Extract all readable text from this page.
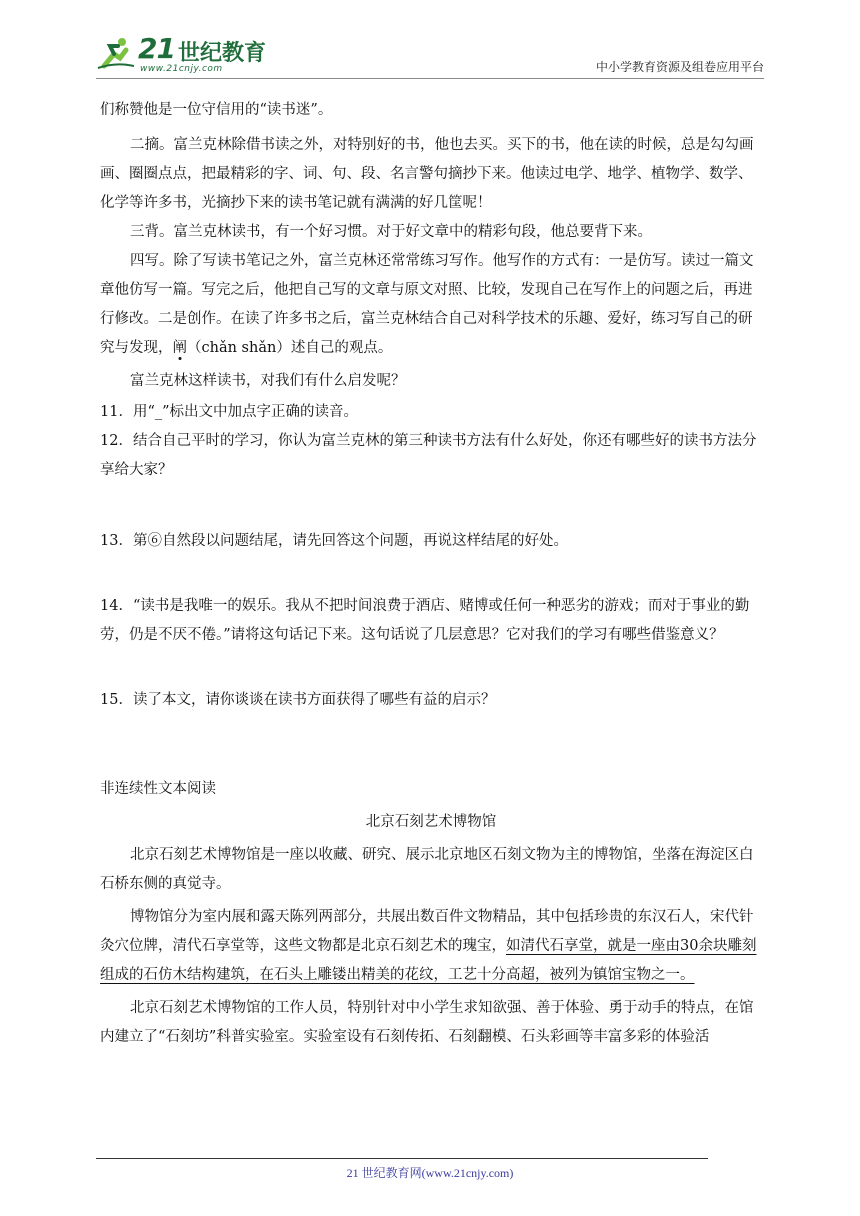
21 世纪教育
www.21cnjy.com	中小学教育资源及组卷应用平台

们称赞他是一位守信用的“读书迷”。

二摘。富兰克林除借书读之外，对特别好的书，他也去买。买下的书，他在读的时候，总是勾勾画画、圈圈点点，把最精彩的字、词、句、段、名言警句摘抄下来。他读过电学、地学、植物学、数学、化学等许多书，光摘抄下来的读书笔记就有满满的好几筐呢！

三背。富兰克林读书，有一个好习惯。对于好文章中的精彩句段，他总要背下来。

四写。除了写读书笔记之外，富兰克林还常常练习写作。他写作的方式有：一是仿写。读过一篇文章他仿写一篇。写完之后，他把自己写的文章与原文对照、比较，发现自己在写作上的问题之后，再进行修改。二是创作。在读了许多书之后，富兰克林结合自己对科学技术的乐趣、爱好，练习写自己的研究与发现，阐（chǎn shǎn）述自己的观点。

富兰克林这样读书，对我们有什么启发呢？

11．用“_”标出文中加点字正确的读音。

12．结合自己平时的学习，你认为富兰克林的第三种读书方法有什么好处，你还有哪些好的读书方法分享给大家？

13．第⑥自然段以问题结尾，请先回答这个问题，再说这样结尾的好处。

14．“读书是我唯一的娱乐。我从不把时间浪费于酒店、赌博或任何一种恶劣的游戏；而对于事业的勤劳，仍是不厌不倦。”请将这句话记下来。这句话说了几层意思？它对我们的学习有哪些借鉴意义？

15．读了本文，请你谈谈在读书方面获得了哪些有益的启示？

非连续性文本阅读

北京石刻艺术博物馆

北京石刻艺术博物馆是一座以收藏、研究、展示北京地区石刻文物为主的博物馆，坐落在海淀区白石桥东侧的真觉寺。

博物馆分为室内展和露天陈列两部分，共展出数百件文物精品，其中包括珍贵的东汉石人，宋代针灸穴位牌，清代石享堂等，这些文物都是北京石刻艺术的瑰宝，如清代石享堂，就是一座由30余块雕刻组成的石仿木结构建筑，在石头上雕镂出精美的花纹，工艺十分高超，被列为镇馆宝物之一。

北京石刻艺术博物馆的工作人员，特别针对中小学生求知欲强、善于体验、勇于动手的特点，在馆内建立了“石刻坊”科普实验室。实验室设有石刻传拓、石刻翻模、石头彩画等丰富多彩的体验活

21 世纪教育网(www.21cnjy.com)
